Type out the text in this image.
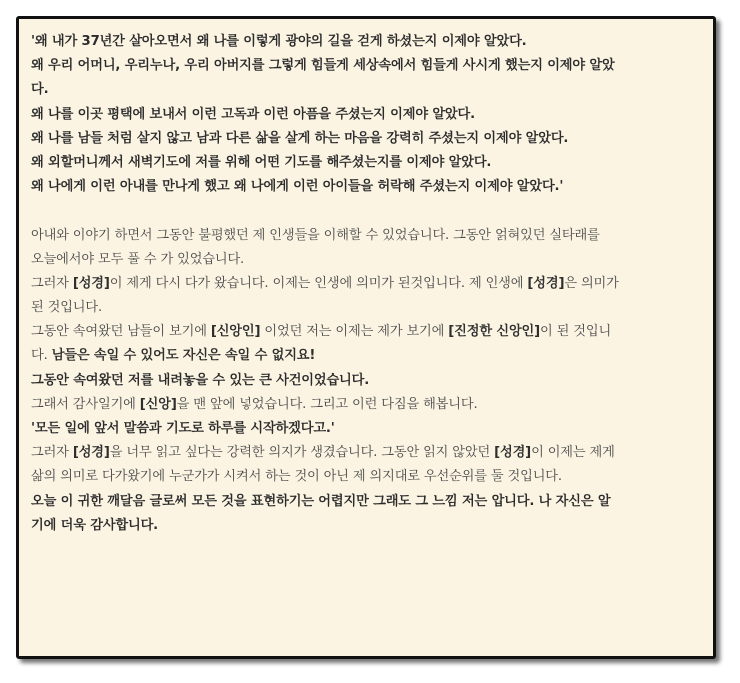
'왜 내가 37년간 살아오면서 왜 나를 이렇게 광야의 길을 걷게 하셨는지 이제야 알았다.
왜 우리 어머니, 우리누나, 우리 아버지를 그렇게 힘들게 세상속에서 힘들게 사시게 했는지 이제야 알았
다.
왜 나를 이곳 평택에 보내서 이런 고독과 이런 아픔을 주셨는지 이제야 알았다.
왜 나를 남들 처럼 살지 않고 남과 다른 삶을 살게 하는 마음을 강력히 주셨는지 이제야 알았다.
왜 외할머니께서 새벽기도에 저를 위해 어떤 기도를 해주셨는지를 이제야 알았다.
왜 나에게 이런 아내를 만나게 했고 왜 나에게 이런 아이들을 허락해 주셨는지 이제야 알았다.'
아내와 이야기 하면서 그동안 불평했던 제 인생들을 이해할 수 있었습니다. 그동안 얽혀있던 실타래를
오늘에서야 모두 풀 수 가 있었습니다.
그러자 [성경]이 제게 다시 다가 왔습니다. 이제는 인생에 의미가 된것입니다. 제 인생에 [성경]은 의미가
된 것입니다.
그동안 속여왔던 남들이 보기에 [신앙인] 이었던 저는 이제는 제가 보기에 [진정한 신앙인]이 된 것입니
다. 남들은 속일 수 있어도 자신은 속일 수 없지요!
그동안 속여왔던 저를 내려놓을 수 있는 큰 사건이었습니다.
그래서 감사일기에 [신앙]을 맨 앞에 넣었습니다. 그리고 이런 다짐을 해봅니다.
'모든 일에 앞서 말씀과 기도로 하루를 시작하겠다고.'
그러자 [성경]을 너무 읽고 싶다는 강력한 의지가 생겼습니다. 그동안 읽지 않았던 [성경]이 이제는 제게
삶의 의미로 다가왔기에 누군가가 시켜서 하는 것이 아닌 제 의지대로 우선순위를 둘 것입니다.
오늘 이 귀한 깨달음 글로써 모든 것을 표현하기는 어렵지만 그래도 그 느낌 저는 압니다. 나 자신은 알
기에 더욱 감사합니다.
